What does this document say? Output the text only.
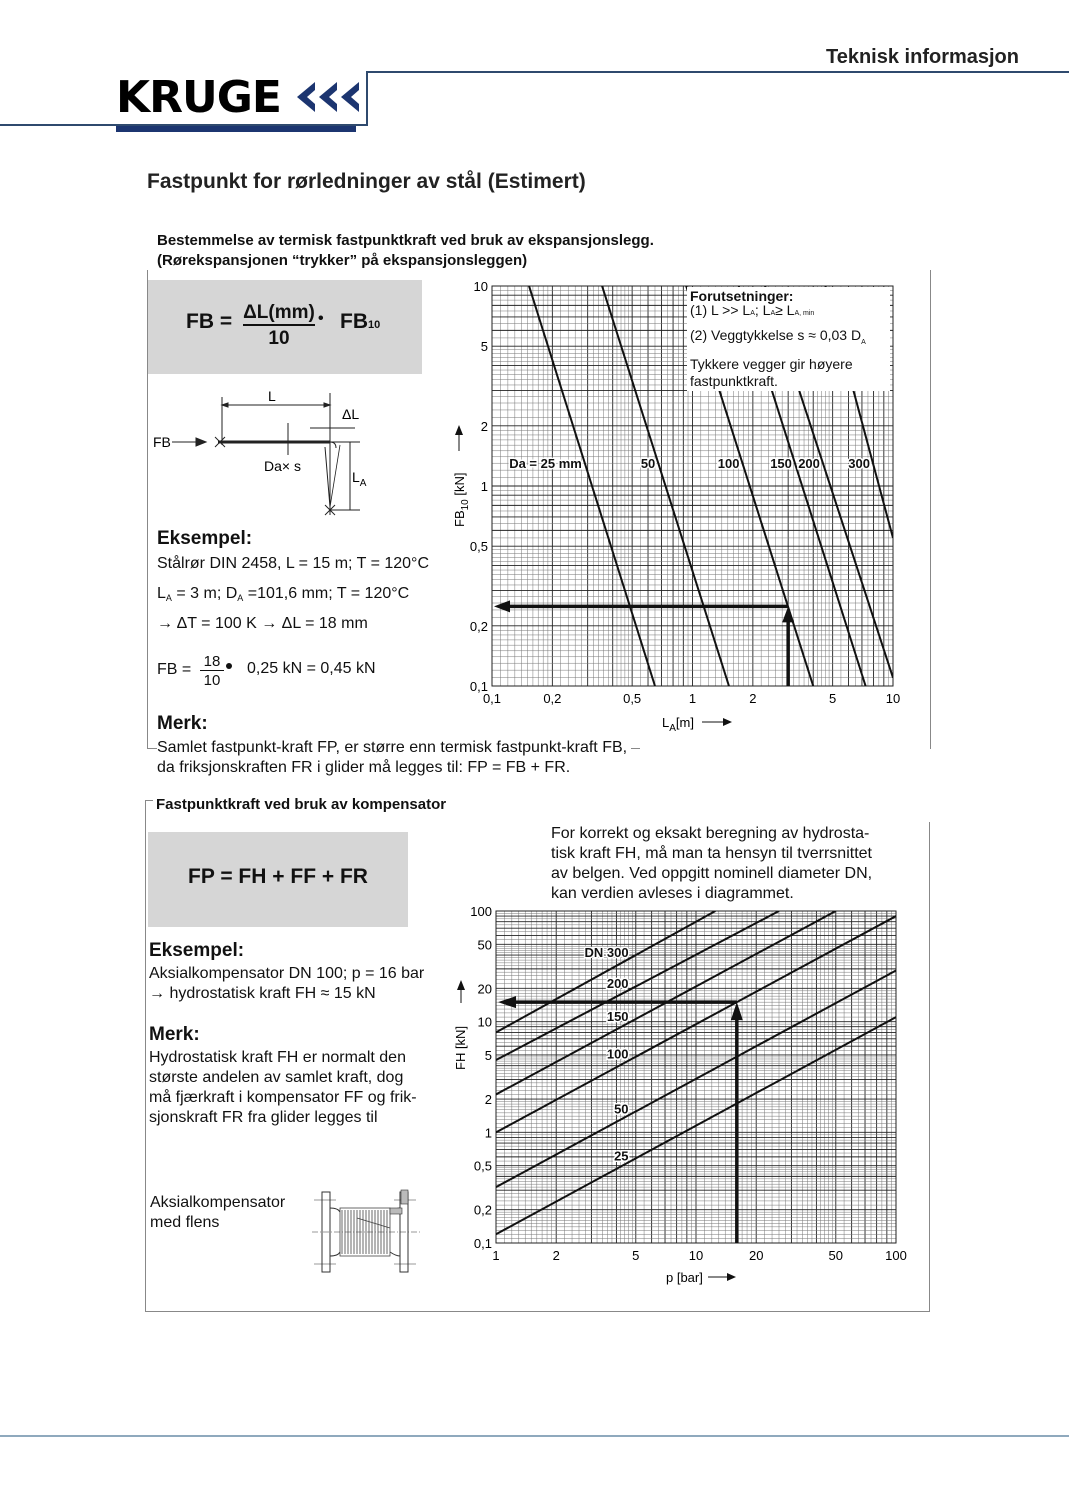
Teknisk informasjon
KRUGE
Fastpunkt for rørledninger av stål (Estimert)
Bestemmelse av termisk fastpunktkraft ved bruk av ekspansjonslegg.
(Rørekspansjonen “trykker” på ekspansjonsleggen)
FB = ΔL(mm)
10
• FB10
L
ΔL
FB
Da× s
$L_A$
Eksempel:
Stålrør DIN 2458, L = 15 m; T = 120°C
$L_A = 3$ m; $D_A =101,6$ mm; T = 120°C
→ ΔT = 100 K → ΔL = 18 mm
FB = 18
10
0,25 kN = 0,45 kN
Merk:
Samlet fastpunkt-kraft FP, er større enn termisk fastpunkt-kraft FB,
da friksjonskraften FR i glider må legges til: FP = FB + FR.
0,1	0,2	0,5	1	2	5	10
0,1
0,2
0,5
1
2
5
10
Da = 25 mm	50	100 150 200 300
$L_A[m]$
$FB_{10}$ [kN]
Forutsetninger:
(1) L >> LA; LA≥ LA, min
(2) Veggtykkelse s ≈ 0,03 $D_A$
Tykkere vegger gir høyere
fastpunktkraft.
Fastpunktkraft ved bruk av kompensator
FP = FH + FF + FR
For korrekt og eksakt beregning av hydrosta-
tisk kraft FH, må man ta hensyn til tverrsnittet
av belgen. Ved oppgitt nominell diameter DN,
kan verdien avleses i diagrammet.
Eksempel:
Aksialkompensator DN 100; p = 16 bar
→ hydrostatisk kraft FH ≈ 15 kN
Merk:
Hydrostatisk kraft FH er normalt den
største andelen av samlet kraft, dog
må fjærkraft i kompensator FF og frik-
sjonskraft FR fra glider legges til
Aksialkompensator
med flens
1	2	5	10	20	50	100
0,1
0,2
0,5
1
2
5
10
20
50
100
25
50
100
150
200
DN 300
p [bar]
FH [kN]
